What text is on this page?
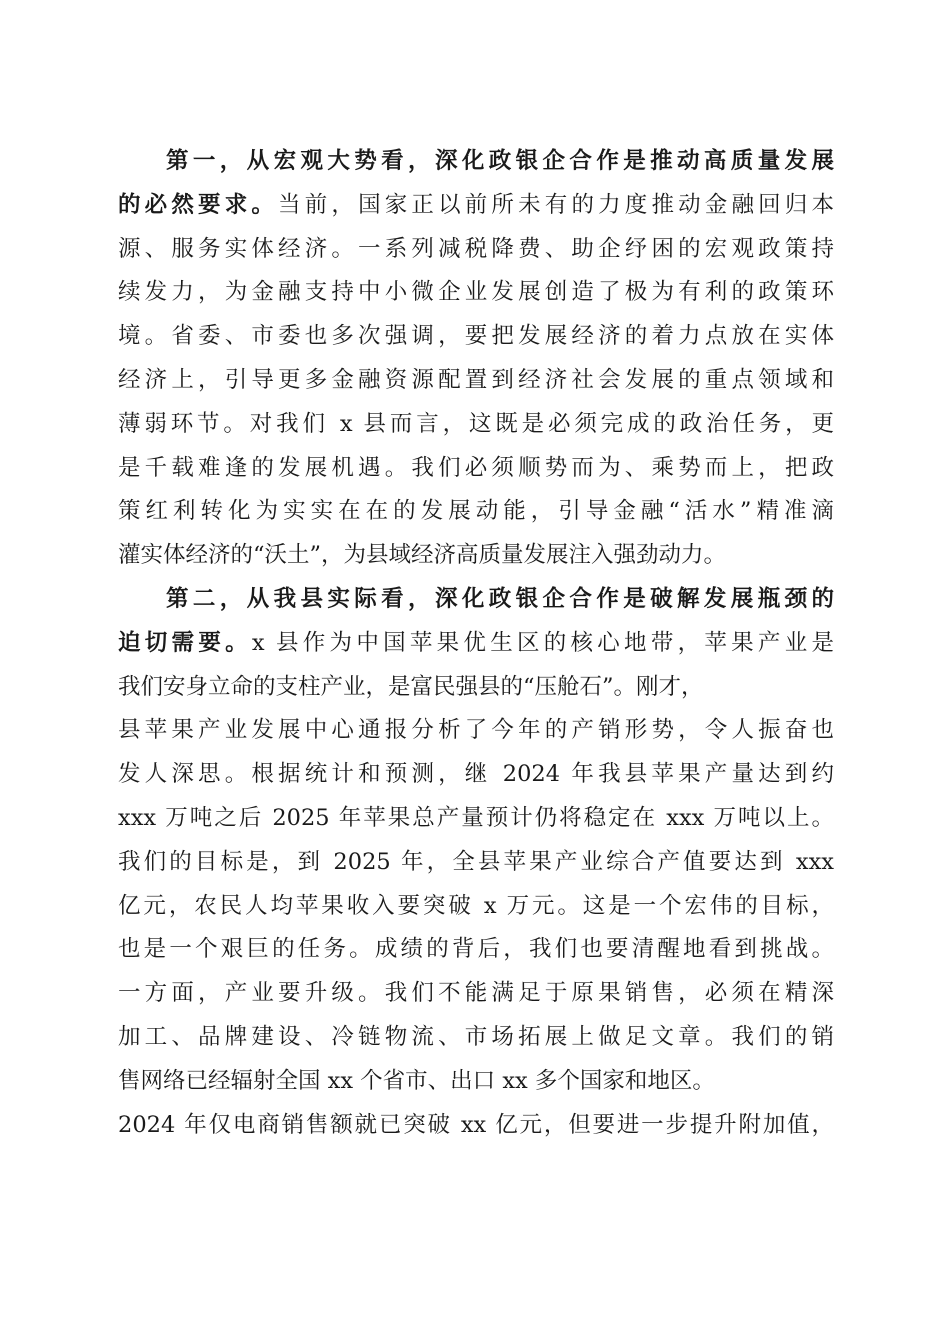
第一，从宏观大势看，深化政银企合作是推动高质量发展
的必然要求。当前，国家正以前所未有的力度推动金融回归本
源、服务实体经济。一系列减税降费、助企纾困的宏观政策持
续发力，为金融支持中小微企业发展创造了极为有利的政策环
境。省委、市委也多次强调，要把发展经济的着力点放在实体
经济上，引导更多金融资源配置到经济社会发展的重点领域和
薄弱环节。对我们 x 县而言，这既是必须完成的政治任务，更
是千载难逢的发展机遇。我们必须顺势而为、乘势而上，把政
策红利转化为实实在在的发展动能，引导金融“活水”精准滴
灌实体经济的“沃土”，为县域经济高质量发展注入强劲动力。
第二，从我县实际看，深化政银企合作是破解发展瓶颈的
迫切需要。x 县作为中国苹果优生区的核心地带，苹果产业是
我们安身立命的支柱产业，是富民强县的“压舱石”。刚才，
县苹果产业发展中心通报分析了今年的产销形势，令人振奋也
发人深思。根据统计和预测，继 2024 年我县苹果产量达到约
xxx 万吨之后 2025 年苹果总产量预计仍将稳定在 xxx 万吨以上。
我们的目标是，到 2025 年，全县苹果产业综合产值要达到 xxx
亿元，农民人均苹果收入要突破 x 万元。这是一个宏伟的目标，
也是一个艰巨的任务。成绩的背后，我们也要清醒地看到挑战。
一方面，产业要升级。我们不能满足于原果销售，必须在精深
加工、品牌建设、冷链物流、市场拓展上做足文章。我们的销
售网络已经辐射全国 xx 个省市、出口 xx 多个国家和地区。
2024 年仅电商销售额就已突破 xx 亿元，但要进一步提升附加值，
